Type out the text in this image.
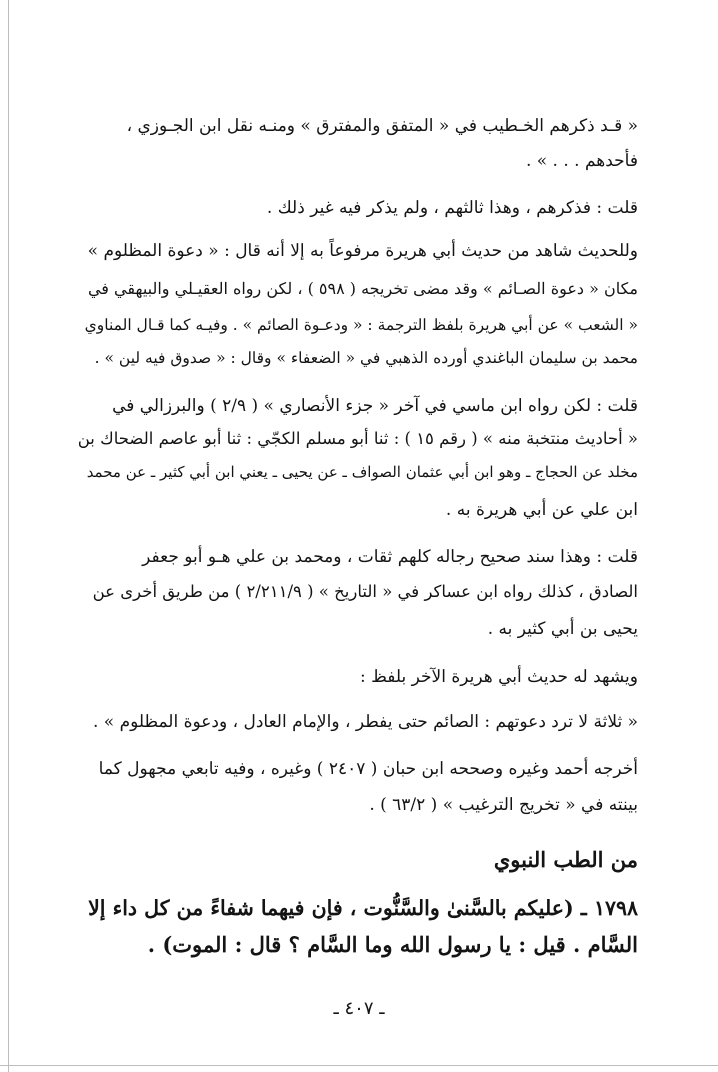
« قـد ذكرهم الخـطيب في « المتفق والمفترق » ومنـه نقل ابن الجـوزي ،
فأحدهم . . . » .
قلت : فذكرهم ، وهذا ثالثهم ، ولم يذكر فيه غير ذلك .
وللحديث شاهد من حديث أبي هريرة مرفوعاً به إلا أنه قال : « دعوة المظلوم »
مكان « دعوة الصـائم » وقد مضى تخريجه ( ٥٩٨ ) ، لكن رواه العقيـلي والبيهقي في
« الشعب » عن أبي هريرة بلفظ الترجمة : « ودعـوة الصائم » . وفيـه كما قـال المناوي
محمد بن سليمان الباغندي أورده الذهبي في « الضعفاء » وقال : « صدوق فيه لين » .
قلت : لكن رواه ابن ماسي في آخر « جزء الأنصاري » ( ٢/٩ ) والبرزالي في
« أحاديث منتخبة منه » ( رقم ١٥ ) : ثنا أبو مسلم الكجّي : ثنا أبو عاصم الضحاك بن
مخلد عن الحجاج ـ وهو ابن أبي عثمان الصواف ـ عن يحيى ـ يعني ابن أبي كثير ـ عن محمد
ابن علي عن أبي هريرة به .
قلت : وهذا سند صحيح رجاله كلهم ثقات ، ومحمد بن علي هـو أبو جعفر
الصادق ، كذلك رواه ابن عساكر في « التاريخ » ( ٢/٢١١/٩ ) من طريق أخرى عن
يحيى بن أبي كثير به .
ويشهد له حديث أبي هريرة الآخر بلفظ :
« ثلاثة لا ترد دعوتهم : الصائم حتى يفطر ، والإمام العادل ، ودعوة المظلوم » .
أخرجه أحمد وغيره وصححه ابن حبان ( ٢٤٠٧ ) وغيره ، وفيه تابعي مجهول كما
بينته في « تخريج الترغيب » ( ٦٣/٢ ) .
من الطب النبوي
١٧٩٨ ـ (عليكم بالسَّنىٰ والسَّنُّوت ، فإن فيهما شفاءً من كل داء إلا
السَّام . قيل : يا رسول الله وما السَّام ؟ قال : الموت) .
ـ ٤٠٧ ـ
